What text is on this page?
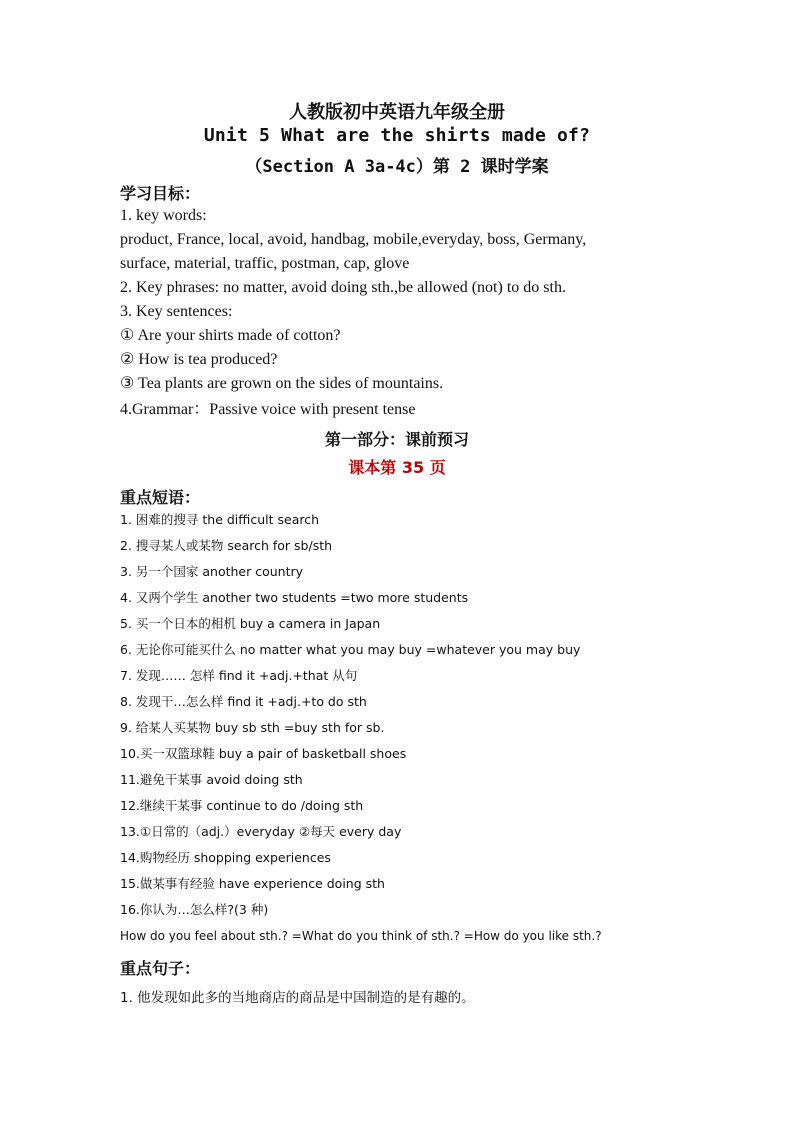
人教版初中英语九年级全册
Unit 5 What are the shirts made of?
（Section A 3a-4c）第 2 课时学案
学习目标：
1. key words:
product, France, local, avoid, handbag, mobile,everyday, boss, Germany,
surface, material, traffic, postman, cap, glove
2. Key phrases: no matter, avoid doing sth.,be allowed (not) to do sth.
3. Key sentences:
① Are your shirts made of cotton?
② How is tea produced?
③ Tea plants are grown on the sides of mountains.
4.Grammar：Passive voice with present tense
第一部分：课前预习
课本第 35 页
重点短语：
1. 困难的搜寻 the difficult search
2. 搜寻某人或某物 search for sb/sth
3. 另一个国家 another country
4. 又两个学生 another two students =two more students
5. 买一个日本的相机 buy a camera in Japan
6. 无论你可能买什么 no matter what you may buy =whatever you may buy
7. 发现…… 怎样 find it +adj.+that 从句
8. 发现干…怎么样 find it +adj.+to do sth
9. 给某人买某物 buy sb sth =buy sth for sb.
10.买一双篮球鞋 buy a pair of basketball shoes
11.避免干某事 avoid doing sth
12.继续干某事 continue to do /doing sth
13.①日常的（adj.）everyday ②每天 every day
14.购物经历 shopping experiences
15.做某事有经验 have experience doing sth
16.你认为…怎么样?(3 种)
How do you feel about sth.? =What do you think of sth.? =How do you like sth.?
重点句子：
1. 他发现如此多的当地商店的商品是中国制造的是有趣的。
